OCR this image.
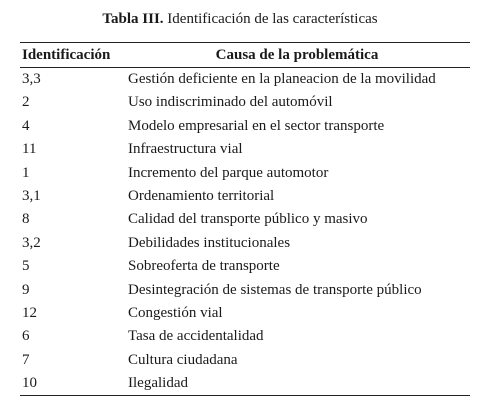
Tabla III. Identificación de las características
Identificación	Causa de la problemática
3,3	Gestión deficiente en la planeacion de la movilidad
2	Uso indiscriminado del automóvil
4	Modelo empresarial en el sector transporte
11	Infraestructura vial
1	Incremento del parque automotor
3,1	Ordenamiento territorial
8	Calidad del transporte público y masivo
3,2	Debilidades institucionales
5	Sobreoferta de transporte
9	Desintegración de sistemas de transporte público
12	Congestión vial
6	Tasa de accidentalidad
7	Cultura ciudadana
10	Ilegalidad
